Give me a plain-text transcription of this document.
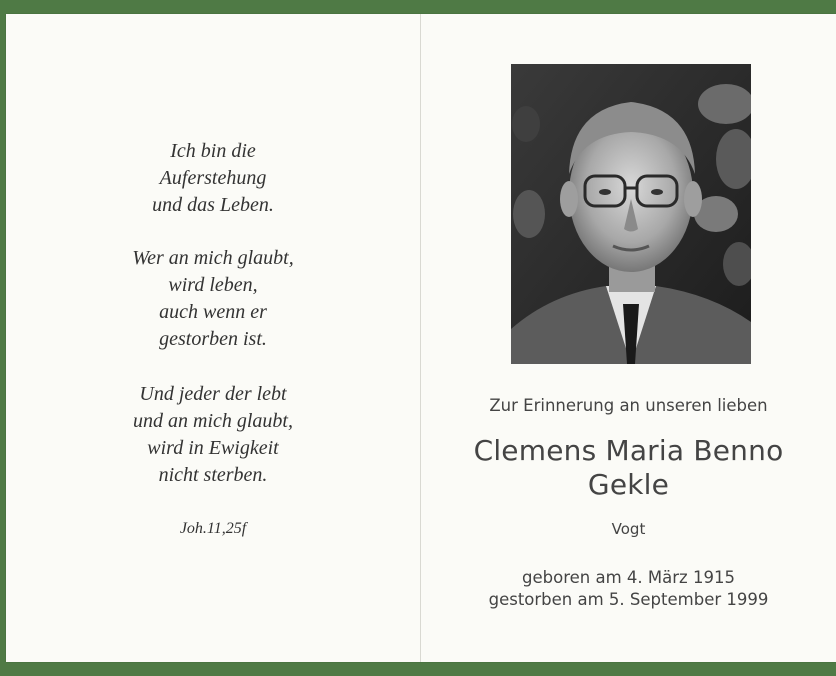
Ich bin die
Auferstehung
und das Leben.
Wer an mich glaubt,
wird leben,
auch wenn er
gestorben ist.
Und jeder der lebt
und an mich glaubt,
wird in Ewigkeit
nicht sterben.
Joh.11,25f
Zur Erinnerung an unseren lieben
Clemens Maria Benno
Gekle
Vogt
geboren am 4. März 1915
gestorben am 5. September 1999
